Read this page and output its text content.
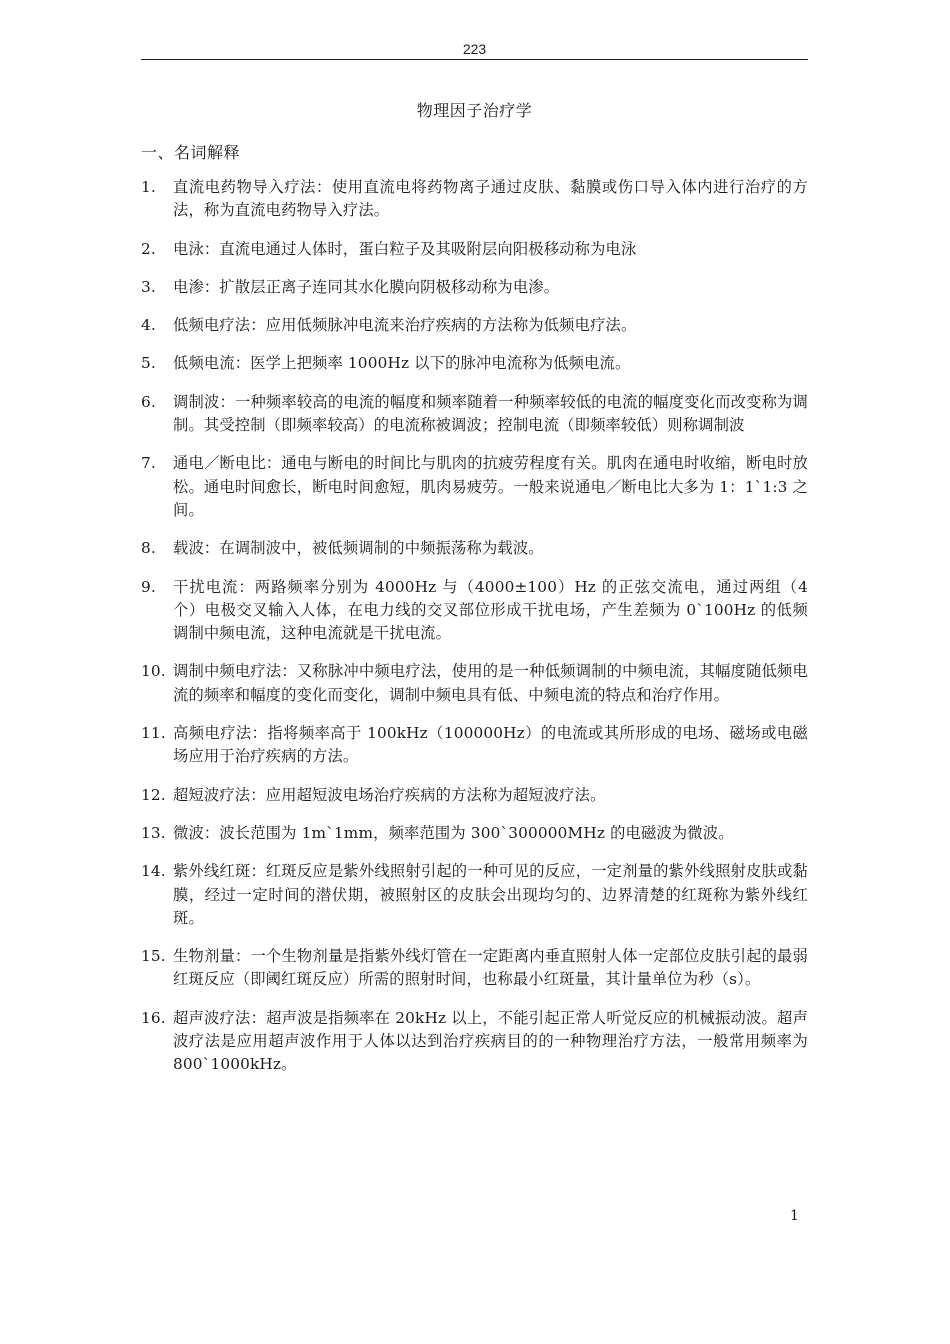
223
物理因子治疗学
一、名词解释
1.	直流电药物导入疗法：使用直流电将药物离子通过皮肤、黏膜或伤口导入体内进行治疗的方法，称为直流电药物导入疗法。
2.	电泳：直流电通过人体时，蛋白粒子及其吸附层向阳极移动称为电泳
3.	电渗：扩散层正离子连同其水化膜向阴极移动称为电渗。
4.	低频电疗法：应用低频脉冲电流来治疗疾病的方法称为低频电疗法。
5.	低频电流：医学上把频率 1000Hz 以下的脉冲电流称为低频电流。
6.	调制波：一种频率较高的电流的幅度和频率随着一种频率较低的电流的幅度变化而改变称为调制。其受控制（即频率较高）的电流称被调波；控制电流（即频率较低）则称调制波
7.	通电／断电比：通电与断电的时间比与肌肉的抗疲劳程度有关。肌肉在通电时收缩，断电时放松。通电时间愈长，断电时间愈短，肌肉易疲劳。一般来说通电／断电比大多为 1：1`1:3 之间。
8.	载波：在调制波中，被低频调制的中频振荡称为载波。
9.	干扰电流：两路频率分别为 4000Hz 与（4000±100）Hz 的正弦交流电，通过两组（4 个）电极交叉输入人体，在电力线的交叉部位形成干扰电场，产生差频为 0`100Hz 的低频调制中频电流，这种电流就是干扰电流。
10. 调制中频电疗法：又称脉冲中频电疗法，使用的是一种低频调制的中频电流，其幅度随低频电流的频率和幅度的变化而变化，调制中频电具有低、中频电流的特点和治疗作用。
11. 高频电疗法：指将频率高于 100kHz（100000Hz）的电流或其所形成的电场、磁场或电磁场应用于治疗疾病的方法。
12. 超短波疗法：应用超短波电场治疗疾病的方法称为超短波疗法。
13. 微波：波长范围为 1m`1mm，频率范围为 300`300000MHz 的电磁波为微波。
14. 紫外线红斑：红斑反应是紫外线照射引起的一种可见的反应，一定剂量的紫外线照射皮肤或黏膜，经过一定时间的潜伏期，被照射区的皮肤会出现均匀的、边界清楚的红斑称为紫外线红斑。
15. 生物剂量：一个生物剂量是指紫外线灯管在一定距离内垂直照射人体一定部位皮肤引起的最弱红斑反应（即阈红斑反应）所需的照射时间，也称最小红斑量，其计量单位为秒（s）。
16. 超声波疗法：超声波是指频率在 20kHz 以上，不能引起正常人听觉反应的机械振动波。超声波疗法是应用超声波作用于人体以达到治疗疾病目的的一种物理治疗方法，一般常用频率为 800`1000kHz。
1
